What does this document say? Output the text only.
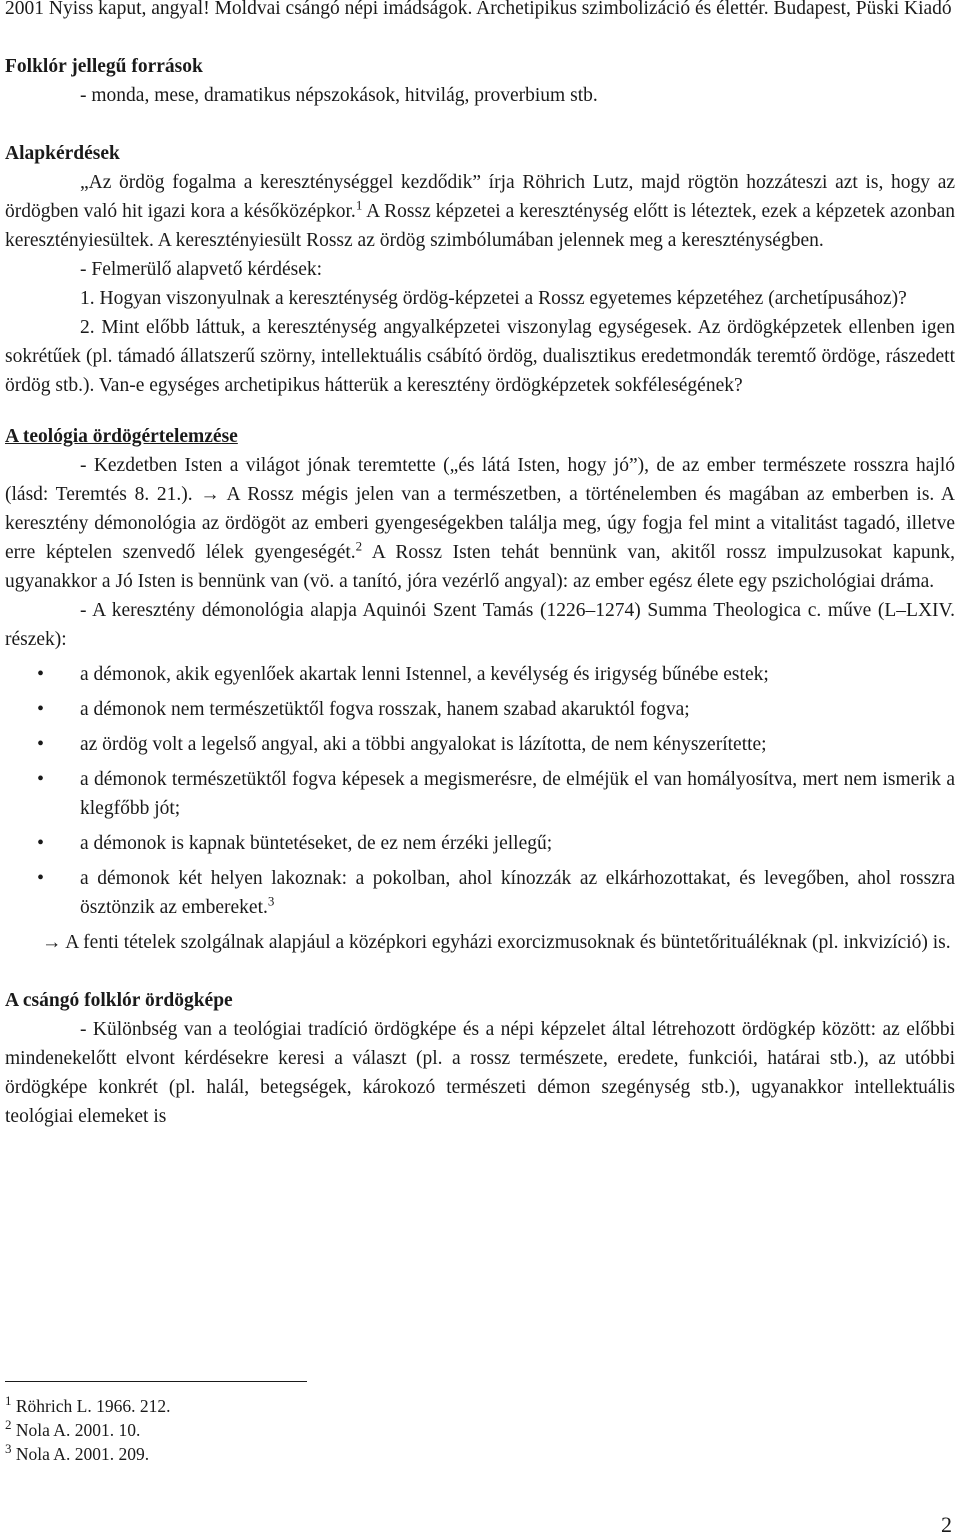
2001 Nyiss kaput, angyal! Moldvai csángó népi imádságok. Archetipikus szimbolizáció és élettér. Budapest, Püski Kiadó

Folklór jellegű források

- monda, mese, dramatikus népszokások, hitvilág, proverbium stb.

Alapkérdések

„Az ördög fogalma a kereszténységgel kezdődik” írja Röhrich Lutz, majd rögtön hozzáteszi azt is, hogy az ördögben való hit igazi kora a későközépkor.$^1$ A Rossz képzetei a kereszténység előtt is léteztek, ezek a képzetek azonban keresztényiesültek. A keresztényiesült Rossz az ördög szimbólumában jelennek meg a kereszténységben.

- Felmerülő alapvető kérdések:

1. Hogyan viszonyulnak a kereszténység ördög-képzetei a Rossz egyetemes képzetéhez (archetípusához)?

2. Mint előbb láttuk, a kereszténység angyalképzetei viszonylag egységesek. Az ördögképzetek ellenben igen sokrétűek (pl. támadó állatszerű szörny, intellektuális csábító ördög, dualisztikus eredetmondák teremtő ördöge, rászedett ördög stb.). Van-e egységes archetipikus hátterük a keresztény ördögképzetek sokféleségének?

A teológia ördögértelemzése

- Kezdetben Isten a világot jónak teremtette („és látá Isten, hogy jó”), de az ember természete rosszra hajló (lásd: Teremtés 8. 21.). → A Rossz mégis jelen van a természetben, a történelemben és magában az emberben is. A keresztény démonológia az ördögöt az emberi gyengeségekben találja meg, úgy fogja fel mint a vitalitást tagadó, illetve erre képtelen szenvedő lélek gyengeségét.$^2$ A Rossz Isten tehát bennünk van, akitől rossz impulzusokat kapunk, ugyanakkor a Jó Isten is bennünk van (vö. a tanító, jóra vezérlő angyal): az ember egész élete egy pszichológiai dráma.

- A keresztény démonológia alapja Aquinói Szent Tamás (1226–1274) Summa Theologica c. műve (L–LXIV. részek):

• a démonok, akik egyenlőek akartak lenni Istennel, a kevélység és irigység bűnébe estek;
• a démonok nem természetüktől fogva rosszak, hanem szabad akaruktól fogva;
• az ördög volt a legelső angyal, aki a többi angyalokat is lázította, de nem kényszerítette;
• a démonok természetüktől fogva képesek a megismerésre, de elméjük el van homályosítva, mert nem ismerik a klegfőbb jót;
• a démonok is kapnak büntetéseket, de ez nem érzéki jellegű;
• a démonok két helyen lakoznak: a pokolban, ahol kínozzák az elkárhozottakat, és levegőben, ahol rosszra ösztönzik az embereket.$^3$

→ A fenti tételek szolgálnak alapjául a középkori egyházi exorcizmusoknak és büntetőrituáléknak (pl. inkvizíció) is.

A csángó folklór ördögképe

- Különbség van a teológiai tradíció ördögképe és a népi képzelet által létrehozott ördögkép között: az előbbi mindenekelőtt elvont kérdésekre keresi a választ (pl. a rossz természete, eredete, funkciói, határai stb.), az utóbbi ördögképe konkrét (pl. halál, betegségek, károkozó természeti démon szegénység stb.), ugyanakkor intellektuális teológiai elemeket is

$^1$ Röhrich L. 1966. 212.
$^2$ Nola A. 2001. 10.
$^3$ Nola A. 2001. 209.
2
